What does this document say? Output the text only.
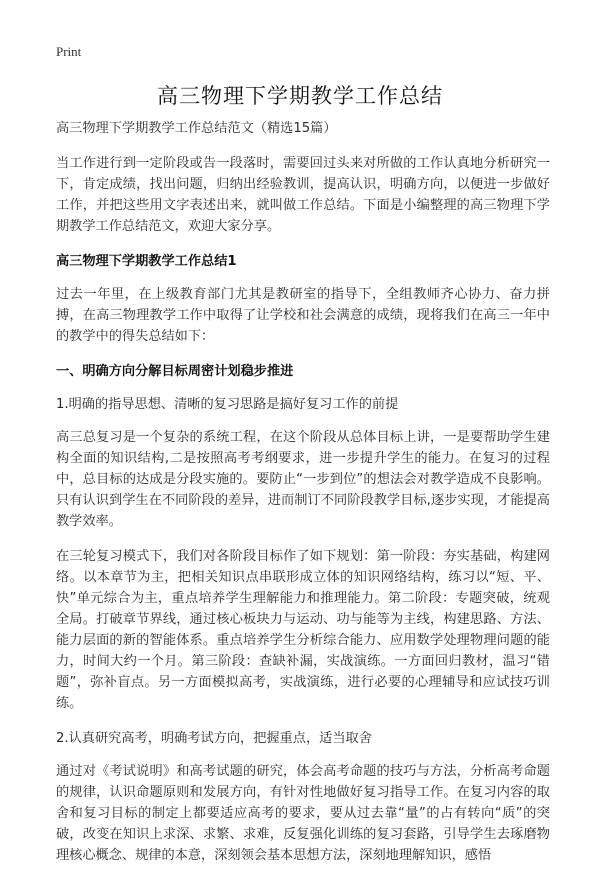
Print
高三物理下学期教学工作总结

高三物理下学期教学工作总结范文（精选15篇）

当工作进行到一定阶段或告一段落时，需要回过头来对所做的工作认真地分析研究一下，肯定成绩，找出问题，归纳出经验教训，提高认识，明确方向，以便进一步做好工作，并把这些用文字表述出来，就叫做工作总结。下面是小编整理的高三物理下学期教学工作总结范文，欢迎大家分享。

高三物理下学期教学工作总结1

过去一年里，在上级教育部门尤其是教研室的指导下，全组教师齐心协力、奋力拼搏，在高三物理教学工作中取得了让学校和社会满意的成绩，现将我们在高三一年中的教学中的得失总结如下：

一、明确方向分解目标周密计划稳步推进

1.明确的指导思想、清晰的复习思路是搞好复习工作的前提

高三总复习是一个复杂的系统工程，在这个阶段从总体目标上讲，一是要帮助学生建构全面的知识结构,二是按照高考考纲要求，进一步提升学生的能力。在复习的过程中，总目标的达成是分段实施的。要防止“一步到位”的想法会对教学造成不良影响。只有认识到学生在不同阶段的差异，进而制订不同阶段教学目标,逐步实现，才能提高教学效率。

在三轮复习模式下，我们对各阶段目标作了如下规划：第一阶段：夯实基础，构建网络。以本章节为主，把相关知识点串联形成立体的知识网络结构，练习以“短、平、快”单元综合为主，重点培养学生理解能力和推理能力。第二阶段：专题突破，统观全局。打破章节界线，通过核心板块力与运动、功与能等为主线，构建思路、方法、能力层面的新的智能体系。重点培养学生分析综合能力、应用数学处理物理问题的能力，时间大约一个月。第三阶段：查缺补漏，实战演练。一方面回归教材，温习“错题”，弥补盲点。另一方面模拟高考，实战演练，进行必要的心理辅导和应试技巧训练。

2.认真研究高考，明确考试方向，把握重点，适当取舍

通过对《考试说明》和高考试题的研究，体会高考命题的技巧与方法，分析高考命题的规律，认识命题原则和发展方向，有针对性地做好复习指导工作。在复习内容的取舍和复习目标的制定上都要适应高考的要求，要从过去靠“量”的占有转向“质”的突破，改变在知识上求深、求繁、求难，反复强化训练的复习套路，引导学生去琢磨物理核心概念、规律的本意，深刻领会基本思想方法，深刻地理解知识，感悟
